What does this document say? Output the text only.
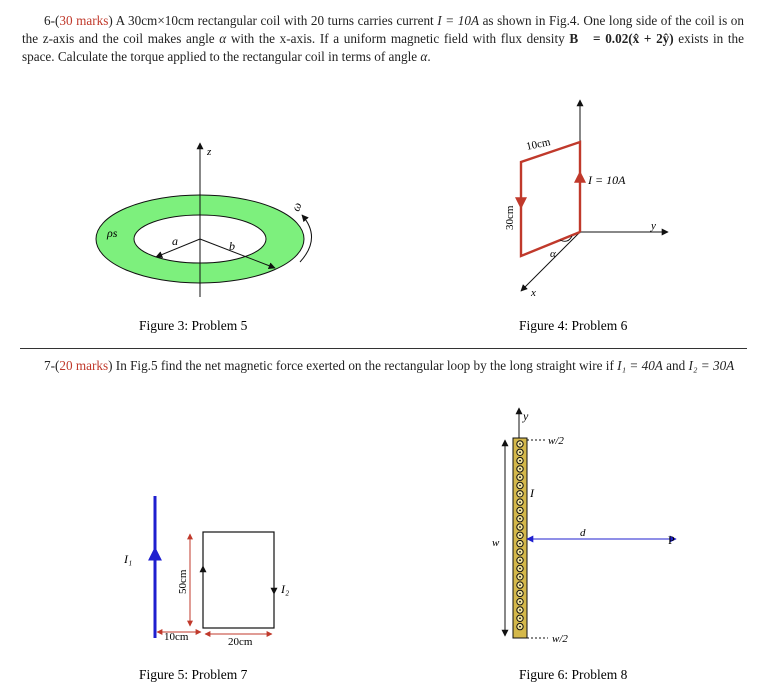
6-(30 marks) A 30cm×10cm rectangular coil with 20 turns carries current I = 10A as shown in Fig.4. One long side of the coil is on the z-axis and the coil makes angle α with the x-axis. If a uniform magnetic field with flux density B⃗ = 0.02(x̂ + 2ŷ) exists in the space. Calculate the torque applied to the rectangular coil in terms of angle α.
7-(20 marks) In Fig.5 find the net magnetic force exerted on the rectangular loop by the long straight wire if I₁ = 40A and I₂ = 30A
z
a	b
ρs
ω
Figure 3: Problem 5
α
10cm
30cm
I = 10A
y
x
Figure 4: Problem 6
I₁
I₂
50cm
10cm	20cm
Figure 5: Problem 7
y
w/2
w/2
w
I
d	P
Figure 6: Problem 8
